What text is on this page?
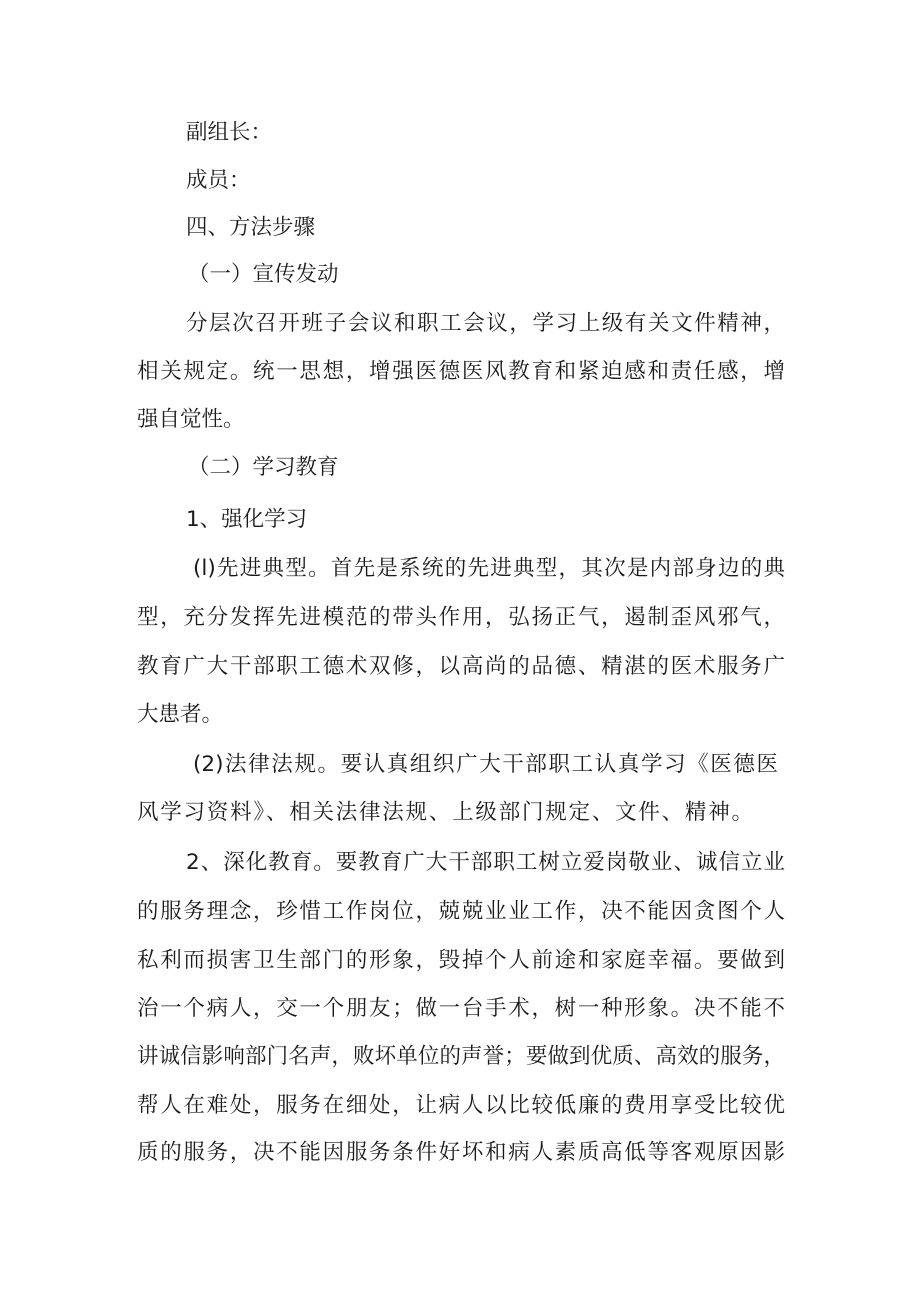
副组长：
成员：
四、方法步骤
（一）宣传发动
分层次召开班子会议和职工会议，学习上级有关文件精神，
相关规定。统一思想，增强医德医风教育和紧迫感和责任感，增
强自觉性。
（二）学习教育
1、强化学习
(l)先进典型。首先是系统的先进典型，其次是内部身边的典
型，充分发挥先进模范的带头作用，弘扬正气，遏制歪风邪气，
教育广大干部职工德术双修，以高尚的品德、精湛的医术服务广
大患者。
(2)法律法规。要认真组织广大干部职工认真学习《医德医
风学习资料》、相关法律法规、上级部门规定、文件、精神。
2、深化教育。要教育广大干部职工树立爱岗敬业、诚信立业
的服务理念，珍惜工作岗位，兢兢业业工作，决不能因贪图个人
私利而损害卫生部门的形象，毁掉个人前途和家庭幸福。要做到
治一个病人，交一个朋友；做一台手术，树一种形象。决不能不
讲诚信影响部门名声，败坏单位的声誉；要做到优质、高效的服务，
帮人在难处，服务在细处，让病人以比较低廉的费用享受比较优
质的服务，决不能因服务条件好坏和病人素质高低等客观原因影
